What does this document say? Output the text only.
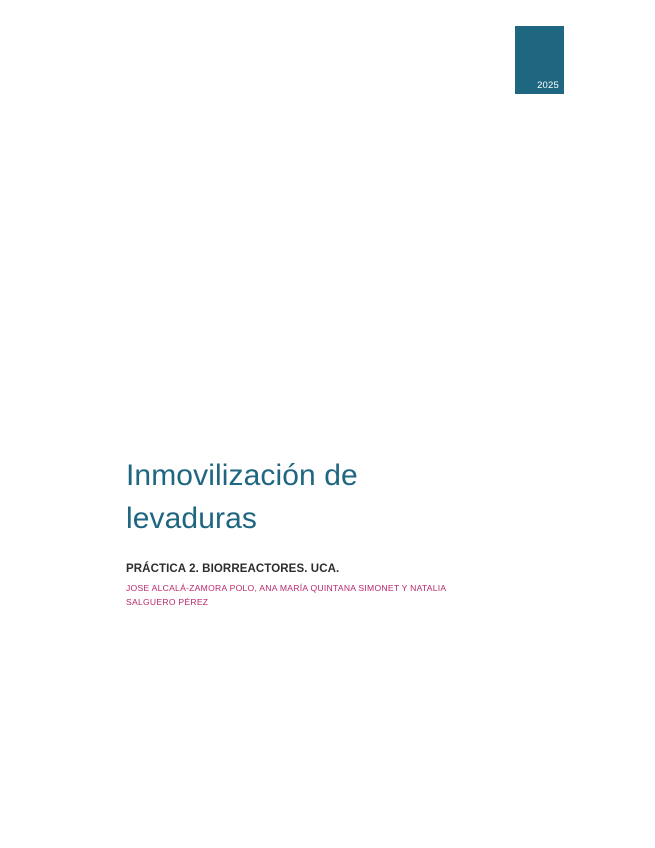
2025
Inmovilización de
levaduras

PRÁCTICA 2. BIORREACTORES. UCA.

JOSE ALCALÁ-ZAMORA POLO, ANA MARÍA QUINTANA SIMONET Y NATALIA SALGUERO PÉREZ
